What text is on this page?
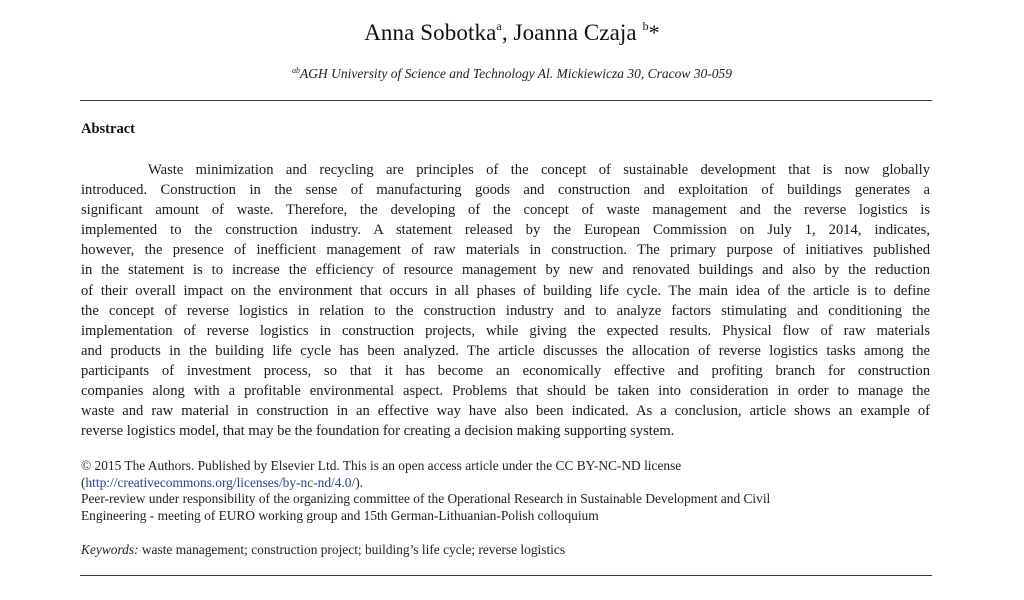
Anna Sobotka$^a$, Joanna Czaja $^b$*
$^{ab}$AGH University of Science and Technology Al. Mickiewicza 30, Cracow 30-059
Abstract
Waste minimization and recycling are principles of the concept of sustainable development that is now globally
introduced. Construction in the sense of manufacturing goods and construction and exploitation of buildings generates a
significant amount of waste. Therefore, the developing of the concept of waste management and the reverse logistics is
implemented to the construction industry. A statement released by the European Commission on July 1, 2014, indicates,
however, the presence of inefficient management of raw materials in construction. The primary purpose of initiatives published
in the statement is to increase the efficiency of resource management by new and renovated buildings and also by the reduction
of their overall impact on the environment that occurs in all phases of building life cycle. The main idea of the article is to define
the concept of reverse logistics in relation to the construction industry and to analyze factors stimulating and conditioning the
implementation of reverse logistics in construction projects, while giving the expected results. Physical flow of raw materials
and products in the building life cycle has been analyzed. The article discusses the allocation of reverse logistics tasks among the
participants of investment process, so that it has become an economically effective and profiting branch for construction
companies along with a profitable environmental aspect. Problems that should be taken into consideration in order to manage the
waste and raw material in construction in an effective way have also been indicated. As a conclusion, article shows an example of
reverse logistics model, that may be the foundation for creating a decision making supporting system.
© 2015 The Authors. Published by Elsevier Ltd. This is an open access article under the CC BY-NC-ND license
(http://creativecommons.org/licenses/by-nc-nd/4.0/).
Peer-review under responsibility of the organizing committee of the Operational Research in Sustainable Development and Civil
Engineering - meeting of EURO working group and 15th German-Lithuanian-Polish colloquium
Keywords: waste management; construction project; building’s life cycle; reverse logistics
